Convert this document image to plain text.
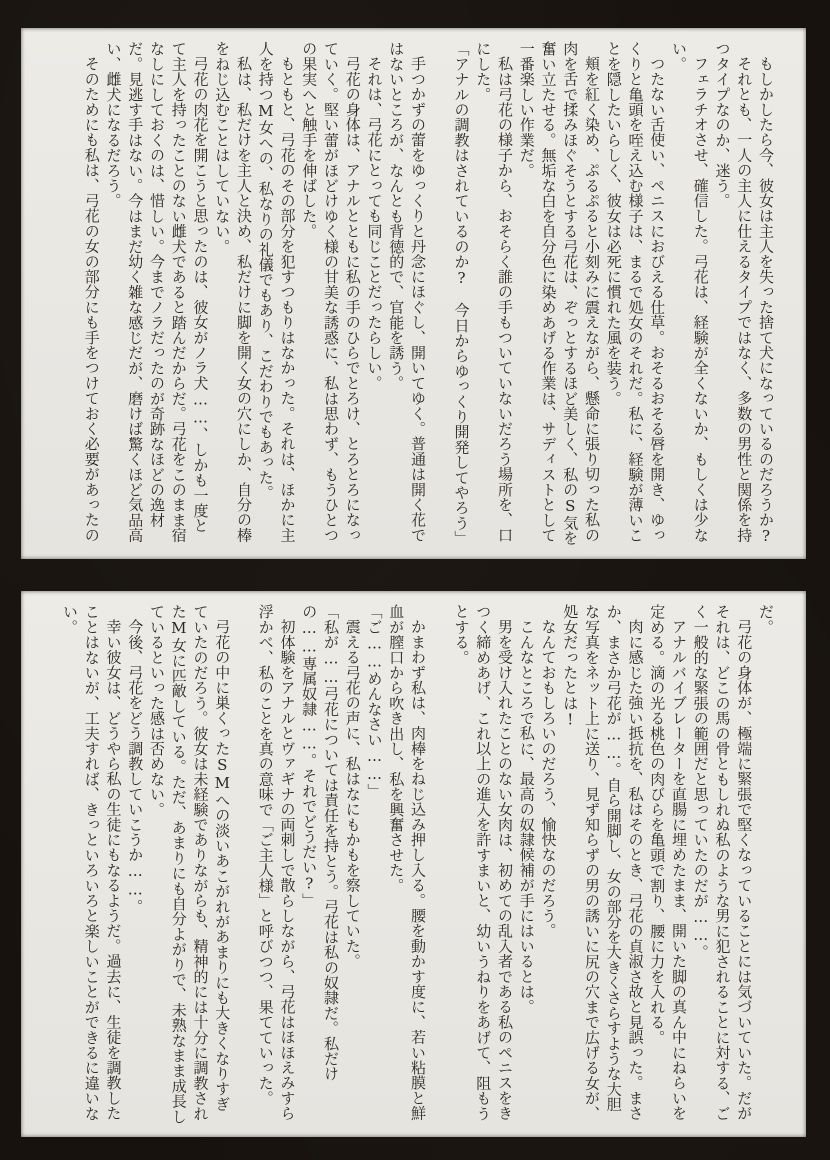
もしかしたら今、彼女は主人を失った捨て犬になっているのだろうか?

それとも、一人の主人に仕えるタイプではなく、多数の男性と関係を持つタイプなのか、迷う。

フェラチオさせ、確信した。弓花は、経験が全くないか、もしくは少ない。

つたない舌使い、ペニスにおびえる仕草。おそるおそる唇を開き、ゆっくりと亀頭を咥え込む様子は、まるで処女のそれだ。私に、経験が薄いことを隠したいらしく、彼女は必死に慣れた風を装う。

頬を紅く染め、ぷるぷると小刻みに震えながら、懸命に張り切った私の肉を舌で揉みほぐそうとする弓花は、ぞっとするほど美しく、私のS気を奮い立たせる。無垢な白を自分色に染めあげる作業は、サディストとして一番楽しい作業だ。

私は弓花の様子から、おそらく誰の手もついていないだろう場所を、口にした。

「アナルの調教はされているのか?　今日からゆっくり開発してやろう」

手つかずの蕾をゆっくりと丹念にほぐし、開いてゆく。普通は開く花ではないところが、なんとも背徳的で、官能を誘う。

それは、弓花にとっても同じことだったらしい。

弓花の身体は、アナルとともに私の手のひらでとろけ、とろとろになっていく。堅い蕾がほどけゆく様の甘美な誘惑に、私は思わず、もうひとつの果実へと触手を伸ばした。

もともと、弓花のその部分を犯すつもりはなかった。それは、ほかに主人を持つM女への、私なりの礼儀でもあり、こだわりでもあった。

私は、私だけを主人と決め、私だけに脚を開く女の穴にしか、自分の棒をねじ込むことはしていない。

弓花の肉花を開こうと思ったのは、彼女がノラ犬……、しかも一度とて主人を持ったことのない雌犬であると踏んだからだ。弓花をこのまま宿なしにしておくのは、惜しい。今までノラだったのが奇跡なほどの逸材だ。見逃す手はない。今はまだ幼く雑な感じだが、磨けば驚くほど気品高い、雌犬になるだろう。

そのためにも私は、弓花の女の部分にも手をつけておく必要があったの

だ。

弓花の身体が、極端に緊張で堅くなっていることには気づいていた。だがそれは、どこの馬の骨ともしれぬ私のような男に犯されることに対する、ごく一般的な緊張の範囲だと思っていたのだが……。

アナルバイブレーターを直腸に埋めたまま、開いた脚の真ん中にねらいを定める。滴の光る桃色の肉びらを亀頭で割り、腰に力を入れる。

肉に感じた強い抵抗を、私はそのとき、弓花の貞淑さ故と見誤った。まさか、まさか弓花が……。自ら開脚し、女の部分を大きくさらすような大胆な写真をネット上に送り、見ず知らずの男の誘いに尻の穴まで広げる女が、処女だったとは!

なんておもしろいのだろう、愉快なのだろう。

こんなところで私に、最高の奴隷候補が手にはいるとは。

男を受け入れたことのない女肉は、初めての乱入者である私のペニスをきつく締めあげ、これ以上の進入を許すまいと、幼いうねりをあげて、阻もうとする。

かまわず私は、肉棒をねじ込み押し入る。腰を動かす度に、若い粘膜と鮮血が膣口から吹き出し、私を興奮させた。

「ご……めんなさい……」

震える弓花の声に、私はなにもかもを察していた。

「私が……弓花については責任を持とう。弓花は私の奴隷だ。私だけの……専属奴隷……。それでどうだい?」

初体験をアナルとヴァギナの両刺しで散らしながら、弓花はほほえみすら浮かべ、私のことを真の意味で「ご主人様」と呼びつつ、果てていった。

弓花の中に巣くったSMへの淡いあこがれがあまりにも大きくなりすぎていたのだろう。彼女は未経験でありながらも、精神的には十分に調教されたM女に匹敵している。ただ、あまりにも自分よがりで、未熟なまま成長しているといった感は否めない。

今後、弓花をどう調教していこうか……。

幸い彼女は、どうやら私の生徒にもなるようだ。過去に、生徒を調教したことはないが、工夫すれば、きっといろいろと楽しいことができるに違いない。
